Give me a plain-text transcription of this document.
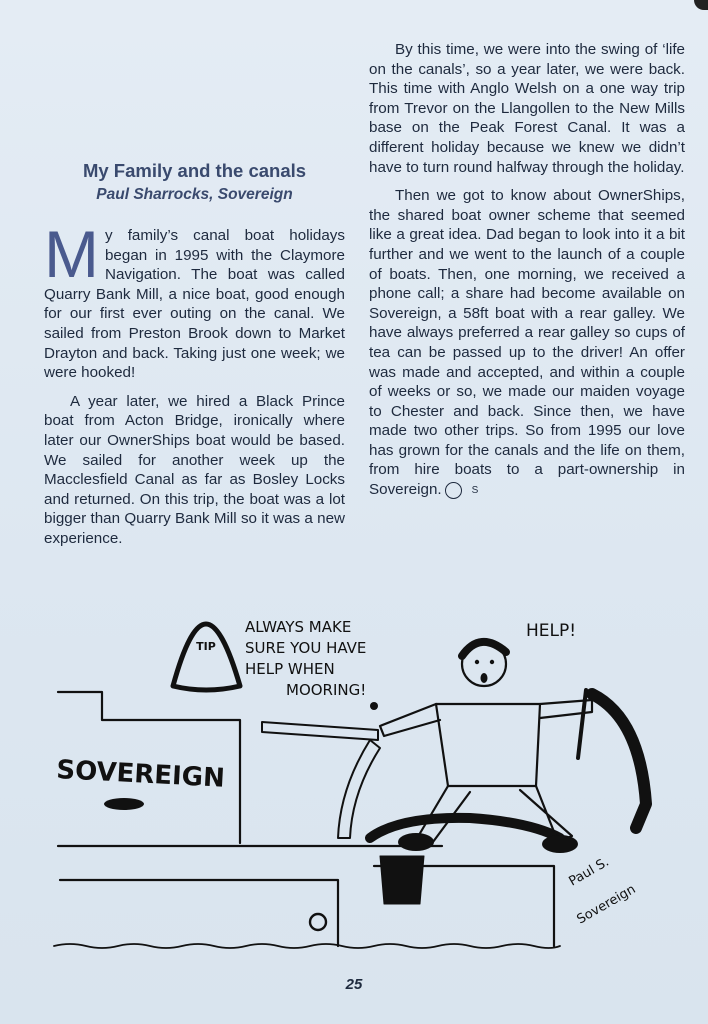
My Family and the canals
Paul Sharrocks, Sovereign

My family’s canal boat holidays began in 1995 with the Claymore Navigation. The boat was called Quarry Bank Mill, a nice boat, good enough for our first ever outing on the canal. We sailed from Preston Brook down to Market Drayton and back. Taking just one week; we were hooked!

A year later, we hired a Black Prince boat from Acton Bridge, ironically where later our OwnerShips boat would be based. We sailed for another week up the Macclesfield Canal as far as Bosley Locks and returned. On this trip, the boat was a lot bigger than Quarry Bank Mill so it was a new experience.

By this time, we were into the swing of ‘life on the canals’, so a year later, we were back. This time with Anglo Welsh on a one way trip from Trevor on the Llangollen to the New Mills base on the Peak Forest Canal. It was a different holiday because we knew we didn’t have to turn round halfway through the holiday.

Then we got to know about OwnerShips, the shared boat owner scheme that seemed like a great idea. Dad began to look into it a bit further and we went to the launch of a couple of boats. Then, one morning, we received a phone call; a share had become available on Sovereign, a 58ft boat with a rear galley. We have always preferred a rear galley so cups of tea can be passed up to the driver! An offer was made and accepted, and within a couple of weeks or so, we made our maiden voyage to Chester and back. Since then, we have made two other trips. So from 1995 our love has grown for the canals and the life on them, from hire boats to a part-ownership in Sovereign.	S

TIP
ALWAYS MAKE
SURE YOU HAVE
HELP WHEN
MOORING!
HELP!
SOVEREIGN
Paul S.
Sovereign
25
